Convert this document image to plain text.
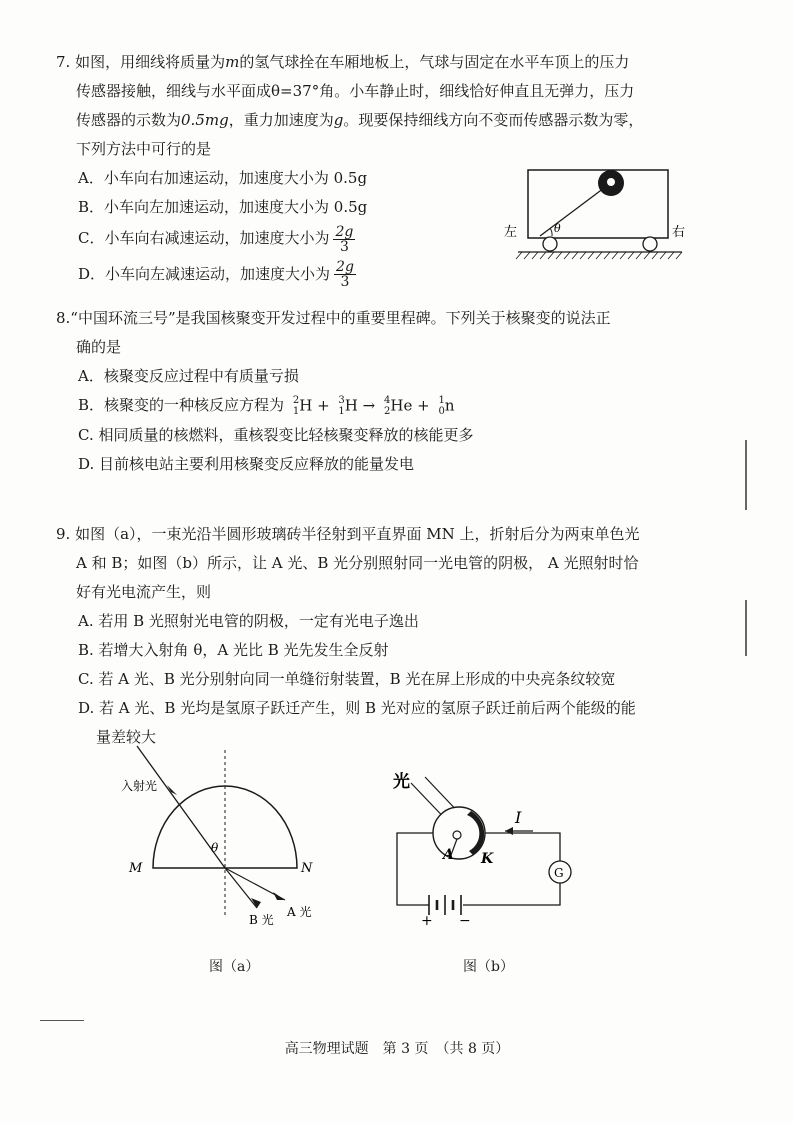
7. 如图，用细线将质量为m的氢气球拴在车厢地板上，气球与固定在水平车顶上的压力

传感器接触，细线与水平面成θ=37°角。小车静止时，细线恰好伸直且无弹力，压力

传感器的示数为0.5mg，重力加速度为g。现要保持细线方向不变而传感器示数为零，

下列方法中可行的是

A．小车向右加速运动，加速度大小为 0.5g

B．小车向左加速运动，加速度大小为 0.5g

C．小车向右减速运动，加速度大小为 $\frac{2g}{3}$

D．小车向左减速运动，加速度大小为 $\frac{2g}{3}$

θ
左	右

8.“中国环流三号”是我国核聚变开发过程中的重要里程碑。下列关于核聚变的说法正

确的是

A．核聚变反应过程中有质量亏损

B．核聚变的一种核反应方程为 2
1 H + 3
1 H → 4
2 He + 1
0 n

C. 相同质量的核燃料，重核裂变比轻核聚变释放的核能更多

D. 目前核电站主要利用核聚变反应释放的能量发电

9. 如图（a），一束光沿半圆形玻璃砖半径射到平直界面 MN 上，折射后分为两束单色光

A 和 B；如图（b）所示，让 A 光、B 光分别照射同一光电管的阴极， A 光照射时恰

好有光电流产生，则

A. 若用 B 光照射光电管的阴极，一定有光电子逸出

B. 若增大入射角 θ，A 光比 B 光先发生全反射

C. 若 A 光、B 光分别射向同一单缝衍射装置，B 光在屏上形成的中央亮条纹较宽

D. 若 A 光、B 光均是氢原子跃迁产生，则 B 光对应的氢原子跃迁前后两个能级的能

量差较大

入射光
M	N
θ
B 光
A 光
图（a）
光
A K
I
G
+ −
图（b）
高三物理试题　第 3 页　（共 8 页）
